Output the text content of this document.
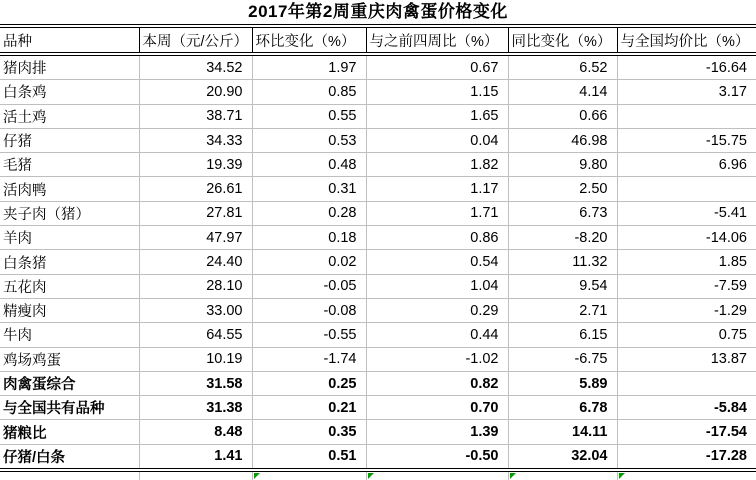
2017年第2周重庆肉禽蛋价格变化
品种	本周（元/公斤）	环比变化（%）	与之前四周比（%）	同比变化（%）	与全国均价比（%）
猪肉排	34.52	1.97	0.67	6.52	-16.64
白条鸡	20.90	0.85	1.15	4.14	3.17
活土鸡	38.71	0.55	1.65	0.66	
仔猪	34.33	0.53	0.04	46.98	-15.75
毛猪	19.39	0.48	1.82	9.80	6.96
活肉鸭	26.61	0.31	1.17	2.50	
夹子肉（猪）	27.81	0.28	1.71	6.73	-5.41
羊肉	47.97	0.18	0.86	-8.20	-14.06
白条猪	24.40	0.02	0.54	11.32	1.85
五花肉	28.10	-0.05	1.04	9.54	-7.59
精瘦肉	33.00	-0.08	0.29	2.71	-1.29
牛肉	64.55	-0.55	0.44	6.15	0.75
鸡场鸡蛋	10.19	-1.74	-1.02	-6.75	13.87
肉禽蛋综合	31.58	0.25	0.82	5.89	
与全国共有品种	31.38	0.21	0.70	6.78	-5.84
猪粮比	8.48	0.35	1.39	14.11	-17.54
仔猪/白条	1.41	0.51	-0.50	32.04	-17.28
